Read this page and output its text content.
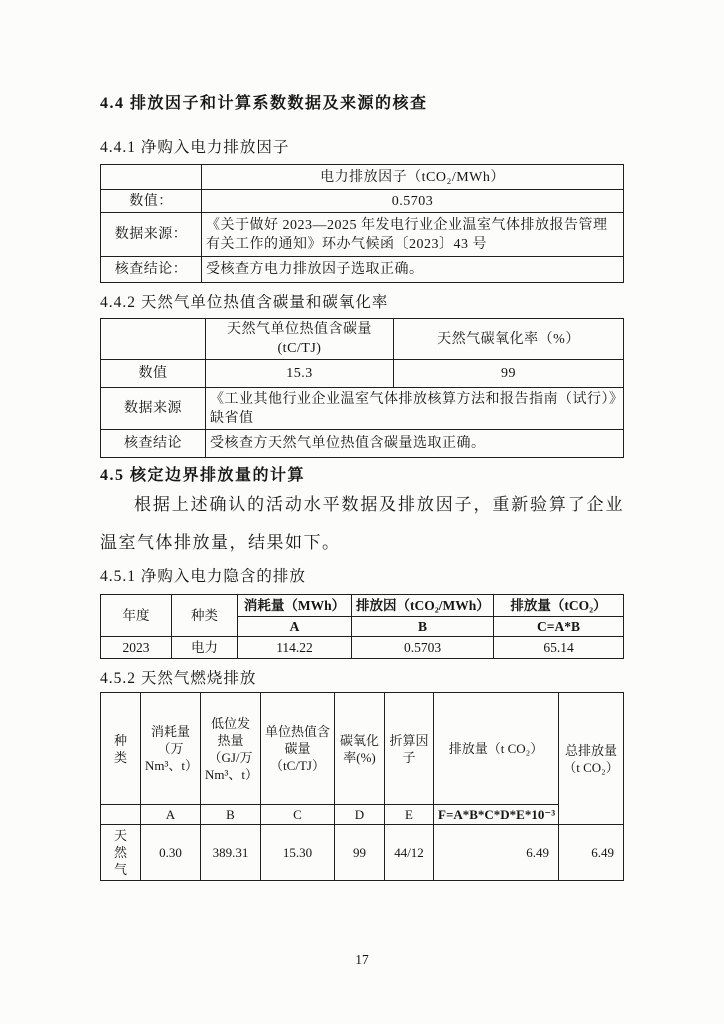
4.4 排放因子和计算系数数据及来源的核查

4.4.1 净购入电力排放因子

	电力排放因子（tCO₂/MWh）
数值：	0.5703
数据来源：	《关于做好 2023—2025 年发电行业企业温室气体排放报告管理有关工作的通知》环办气候函〔2023〕43 号
核查结论：	受核查方电力排放因子选取正确。

4.4.2 天然气单位热值含碳量和碳氧化率

	天然气单位热值含碳量(tC/TJ)	天然气碳氧化率（%）
数值	15.3	99
数据来源	《工业其他行业企业温室气体排放核算方法和报告指南（试行）》缺省值	
核查结论	受核查方天然气单位热值含碳量选取正确。	

4.5 核定边界排放量的计算

根据上述确认的活动水平数据及排放因子，重新验算了企业温室气体排放量，结果如下。

4.5.1 净购入电力隐含的排放

年度	种类	消耗量（MWh）	排放因（tCO₂/MWh）	排放量（tCO₂）
		A	B	C=A*B
2023	电力	114.22	0.5703	65.14

4.5.2 天然气燃烧排放

种类	消耗量（万 Nm³、t）	低位发热量（GJ/万 Nm³、t）	单位热值含碳量（tC/TJ）	碳氧化率(%)	折算因子	排放量（t CO₂）	总排放量（t CO₂）
	A	B	C	D	E	F=A*B*C*D*E*10⁻³	
天然气	0.30	389.31	15.30	99	44/12	6.49	6.49
17
